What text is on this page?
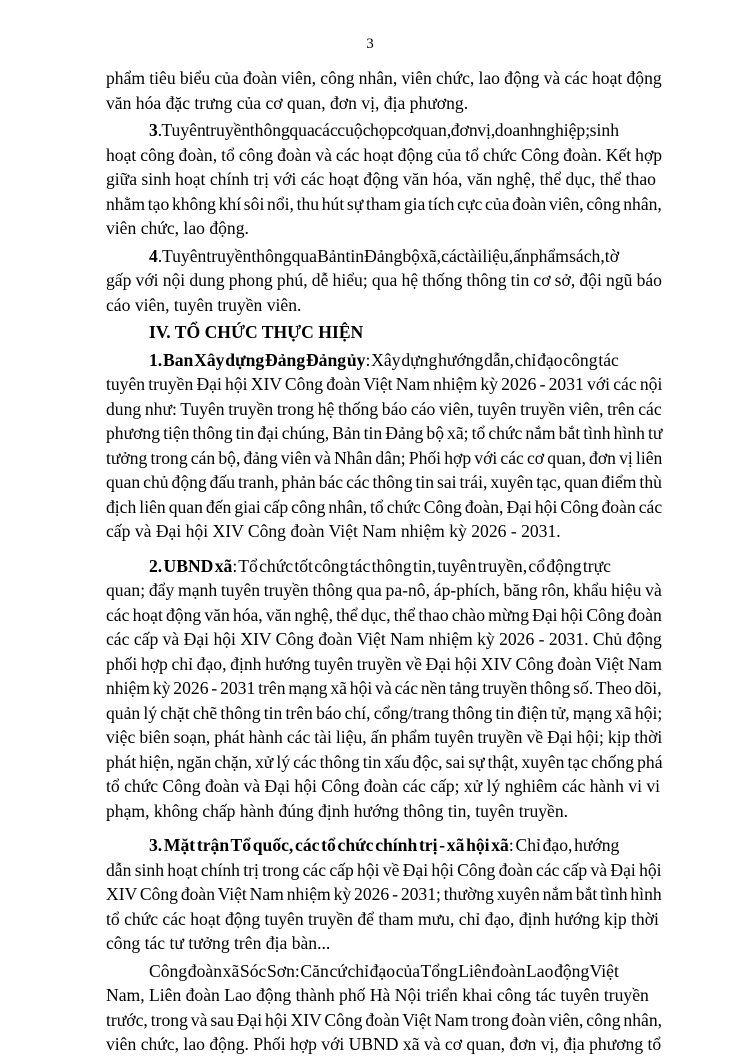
3
phẩm tiêu biểu của đoàn viên, công nhân, viên chức, lao động và các hoạt động
văn hóa đặc trưng của cơ quan, đơn vị, địa phương.
3. Tuyên truyền thông qua các cuộc họp cơ quan, đơn vị, doanh nghiệp; sinh
hoạt công đoàn, tổ công đoàn và các hoạt động của tổ chức Công đoàn. Kết hợp
giữa sinh hoạt chính trị với các hoạt động văn hóa, văn nghệ, thể dục, thể thao
nhằm tạo không khí sôi nổi, thu hút sự tham gia tích cực của đoàn viên, công nhân,
viên chức, lao động.
4. Tuyên truyền thông qua Bản tin Đảng bộ xã, các tài liệu, ấn phẩm sách, tờ
gấp với nội dung phong phú, dễ hiểu; qua hệ thống thông tin cơ sở, đội ngũ báo
cáo viên, tuyên truyền viên.
IV. TỔ CHỨC THỰC HIỆN
1. Ban Xây dựng Đảng Đảng ủy: Xây dựng hướng dẫn, chỉ đạo công tác
tuyên truyền Đại hội XIV Công đoàn Việt Nam nhiệm kỳ 2026 - 2031 với các nội
dung như: Tuyên truyền trong hệ thống báo cáo viên, tuyên truyền viên, trên các
phương tiện thông tin đại chúng, Bản tin Đảng bộ xã; tổ chức nắm bắt tình hình tư
tưởng trong cán bộ, đảng viên và Nhân dân; Phối hợp với các cơ quan, đơn vị liên
quan chủ động đấu tranh, phản bác các thông tin sai trái, xuyên tạc, quan điểm thù
địch liên quan đến giai cấp công nhân, tổ chức Công đoàn, Đại hội Công đoàn các
cấp và Đại hội XIV Công đoàn Việt Nam nhiệm kỳ 2026 - 2031.
2. UBND xã: Tổ chức tốt công tác thông tin, tuyên truyền, cổ động trực
quan; đẩy mạnh tuyên truyền thông qua pa-nô, áp-phích, băng rôn, khẩu hiệu và
các hoạt động văn hóa, văn nghệ, thể dục, thể thao chào mừng Đại hội Công đoàn
các cấp và Đại hội XIV Công đoàn Việt Nam nhiệm kỳ 2026 - 2031. Chủ động
phối hợp chỉ đạo, định hướng tuyên truyền về Đại hội XIV Công đoàn Việt Nam
nhiệm kỳ 2026 - 2031 trên mạng xã hội và các nền tảng truyền thông số. Theo dõi,
quản lý chặt chẽ thông tin trên báo chí, cổng/trang thông tin điện tử, mạng xã hội;
việc biên soạn, phát hành các tài liệu, ấn phẩm tuyên truyền về Đại hội; kịp thời
phát hiện, ngăn chặn, xử lý các thông tin xấu độc, sai sự thật, xuyên tạc chống phá
tổ chức Công đoàn và Đại hội Công đoàn các cấp; xử lý nghiêm các hành vi vi
phạm, không chấp hành đúng định hướng thông tin, tuyên truyền.
3. Mặt trận Tổ quốc, các tổ chức chính trị - xã hội xã: Chỉ đạo, hướng
dẫn sinh hoạt chính trị trong các cấp hội về Đại hội Công đoàn các cấp và Đại hội
XIV Công đoàn Việt Nam nhiệm kỳ 2026 - 2031; thường xuyên nắm bắt tình hình
tổ chức các hoạt động tuyên truyền để tham mưu, chỉ đạo, định hướng kịp thời
công tác tư tưởng trên địa bàn...
Công đoàn xã Sóc Sơn: Căn cứ chỉ đạo của Tổng Liên đoàn Lao động Việt
Nam, Liên đoàn Lao động thành phố Hà Nội triển khai công tác tuyên truyền
trước, trong và sau Đại hội XIV Công đoàn Việt Nam trong đoàn viên, công nhân,
viên chức, lao động. Phối hợp với UBND xã và cơ quan, đơn vị, địa phương tổ
